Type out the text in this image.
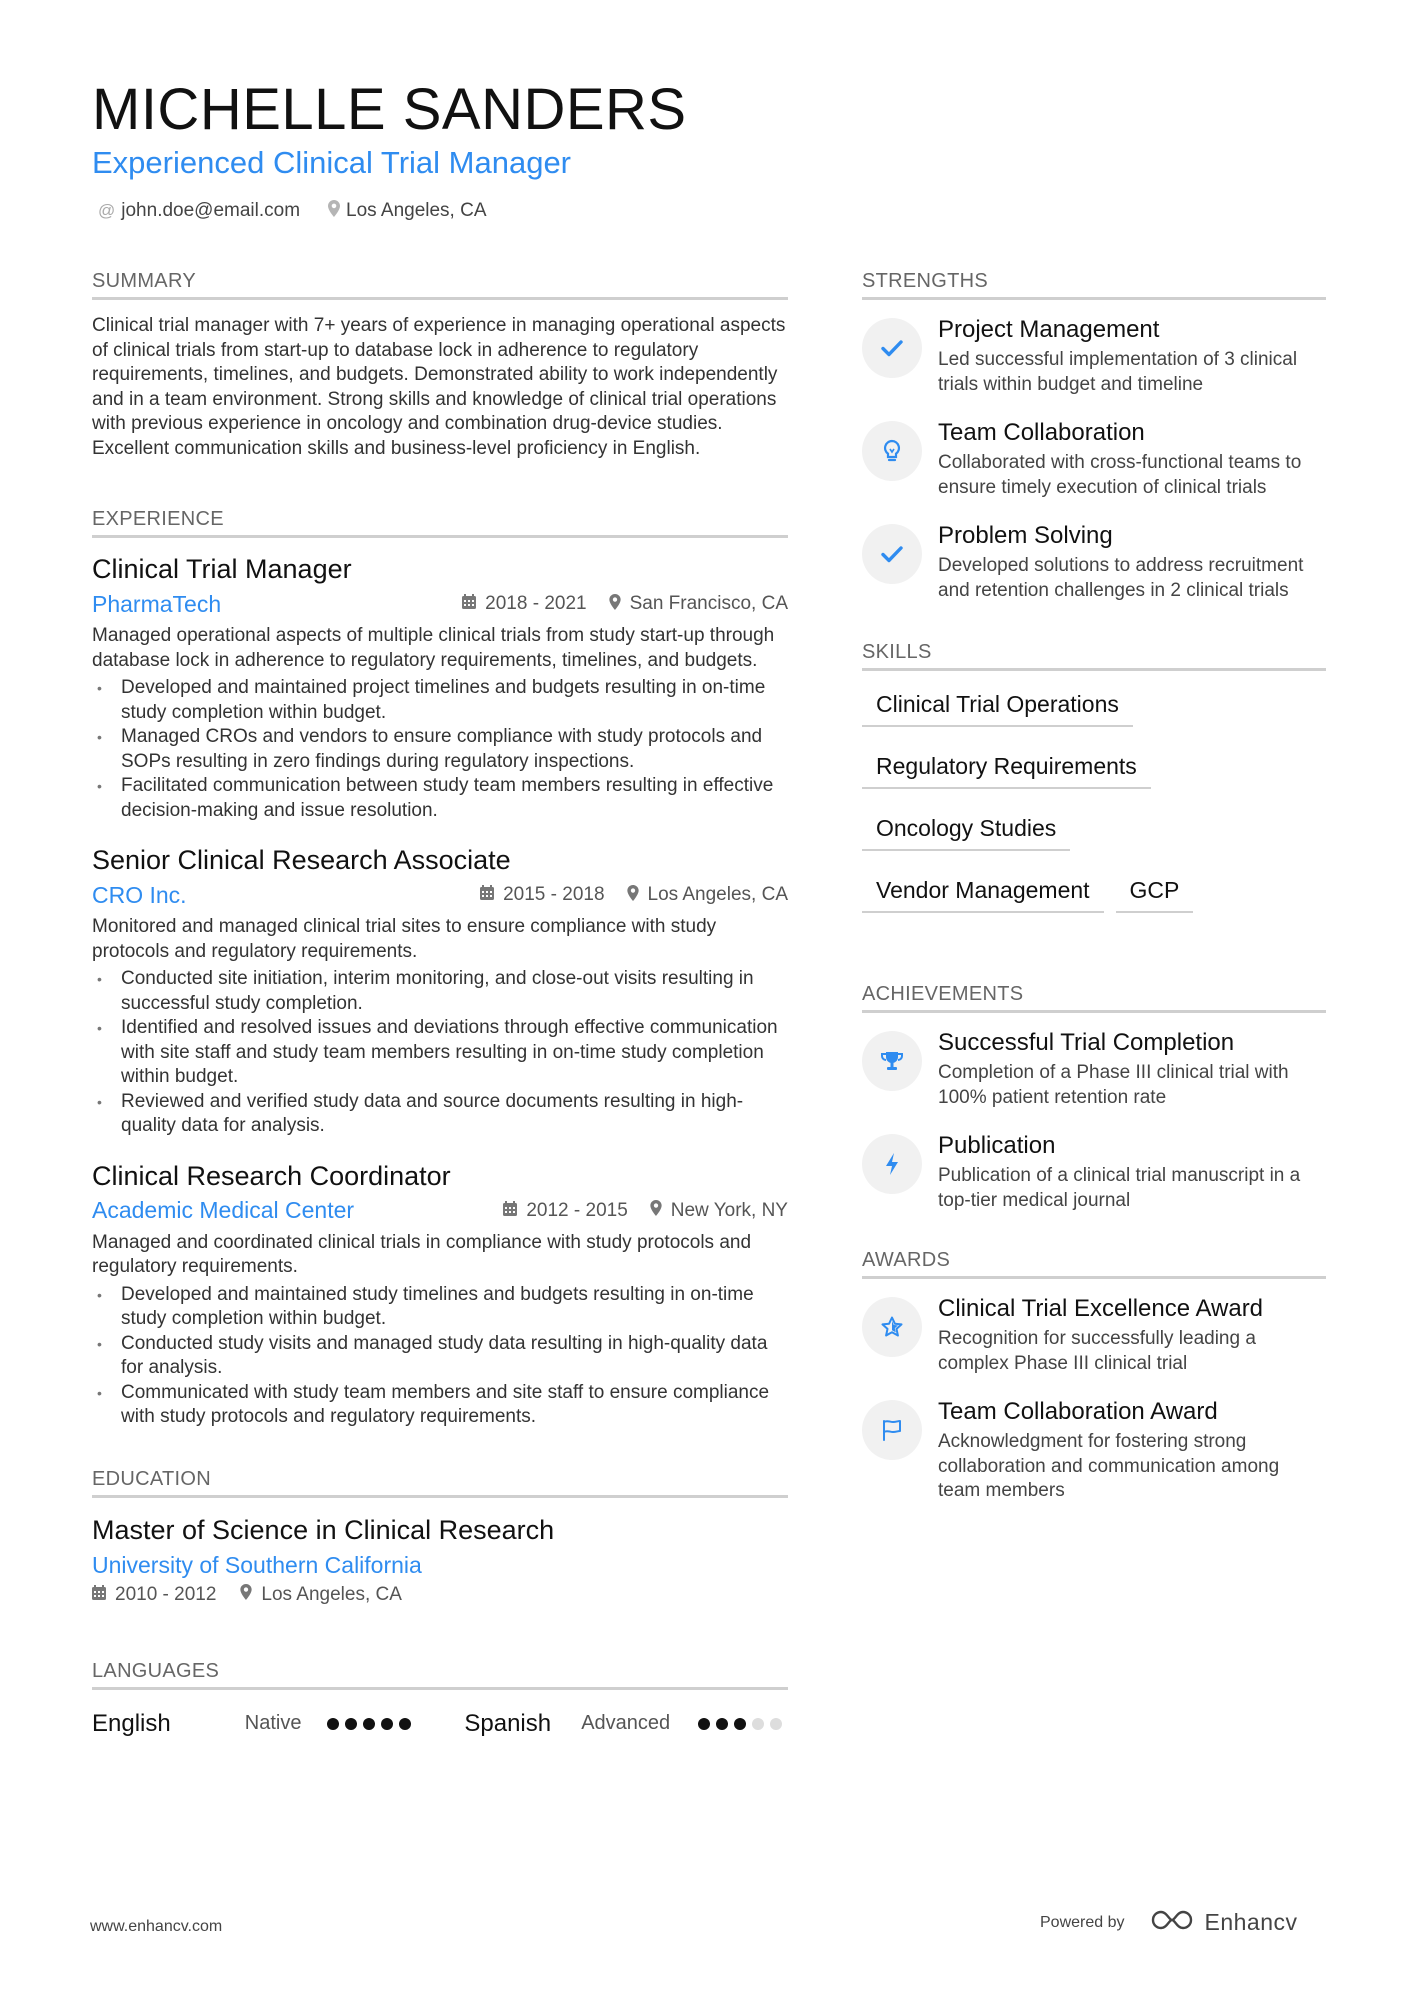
MICHELLE SANDERS
Experienced Clinical Trial Manager
@ john.doe@email.com Los Angeles, CA
SUMMARY
Clinical trial manager with 7+ years of experience in managing operational aspects of clinical trials from start-up to database lock in adherence to regulatory requirements, timelines, and budgets. Demonstrated ability to work independently and in a team environment. Strong skills and knowledge of clinical trial operations with previous experience in oncology and combination drug-device studies. Excellent communication skills and business-level proficiency in English.
EXPERIENCE
Clinical Trial Manager
PharmaTech	2018 - 2021 San Francisco, CA
Managed operational aspects of multiple clinical trials from study start-up through database lock in adherence to regulatory requirements, timelines, and budgets.
• Developed and maintained project timelines and budgets resulting in on-time study completion within budget.
• Managed CROs and vendors to ensure compliance with study protocols and SOPs resulting in zero findings during regulatory inspections.
• Facilitated communication between study team members resulting in effective decision-making and issue resolution.
Senior Clinical Research Associate
CRO Inc.	2015 - 2018 Los Angeles, CA
Monitored and managed clinical trial sites to ensure compliance with study protocols and regulatory requirements.
• Conducted site initiation, interim monitoring, and close-out visits resulting in successful study completion.
• Identified and resolved issues and deviations through effective communication with site staff and study team members resulting in on-time study completion within budget.
• Reviewed and verified study data and source documents resulting in high-quality data for analysis.
Clinical Research Coordinator
Academic Medical Center	2012 - 2015 New York, NY
Managed and coordinated clinical trials in compliance with study protocols and regulatory requirements.
• Developed and maintained study timelines and budgets resulting in on-time study completion within budget.
• Conducted study visits and managed study data resulting in high-quality data for analysis.
• Communicated with study team members and site staff to ensure compliance with study protocols and regulatory requirements.
EDUCATION
Master of Science in Clinical Research
University of Southern California
2010 - 2012 Los Angeles, CA
LANGUAGES
English	Native	Spanish	Advanced
STRENGTHS
Project Management
Led successful implementation of 3 clinical trials within budget and timeline
Team Collaboration
Collaborated with cross-functional teams to ensure timely execution of clinical trials
Problem Solving
Developed solutions to address recruitment and retention challenges in 2 clinical trials
SKILLS
Clinical Trial Operations
Regulatory Requirements
Oncology Studies
Vendor Management	GCP
ACHIEVEMENTS
Successful Trial Completion
Completion of a Phase III clinical trial with 100% patient retention rate
Publication
Publication of a clinical trial manuscript in a top-tier medical journal
AWARDS
Clinical Trial Excellence Award
Recognition for successfully leading a complex Phase III clinical trial
Team Collaboration Award
Acknowledgment for fostering strong collaboration and communication among team members
www.enhancv.com	Powered by	Enhancv
